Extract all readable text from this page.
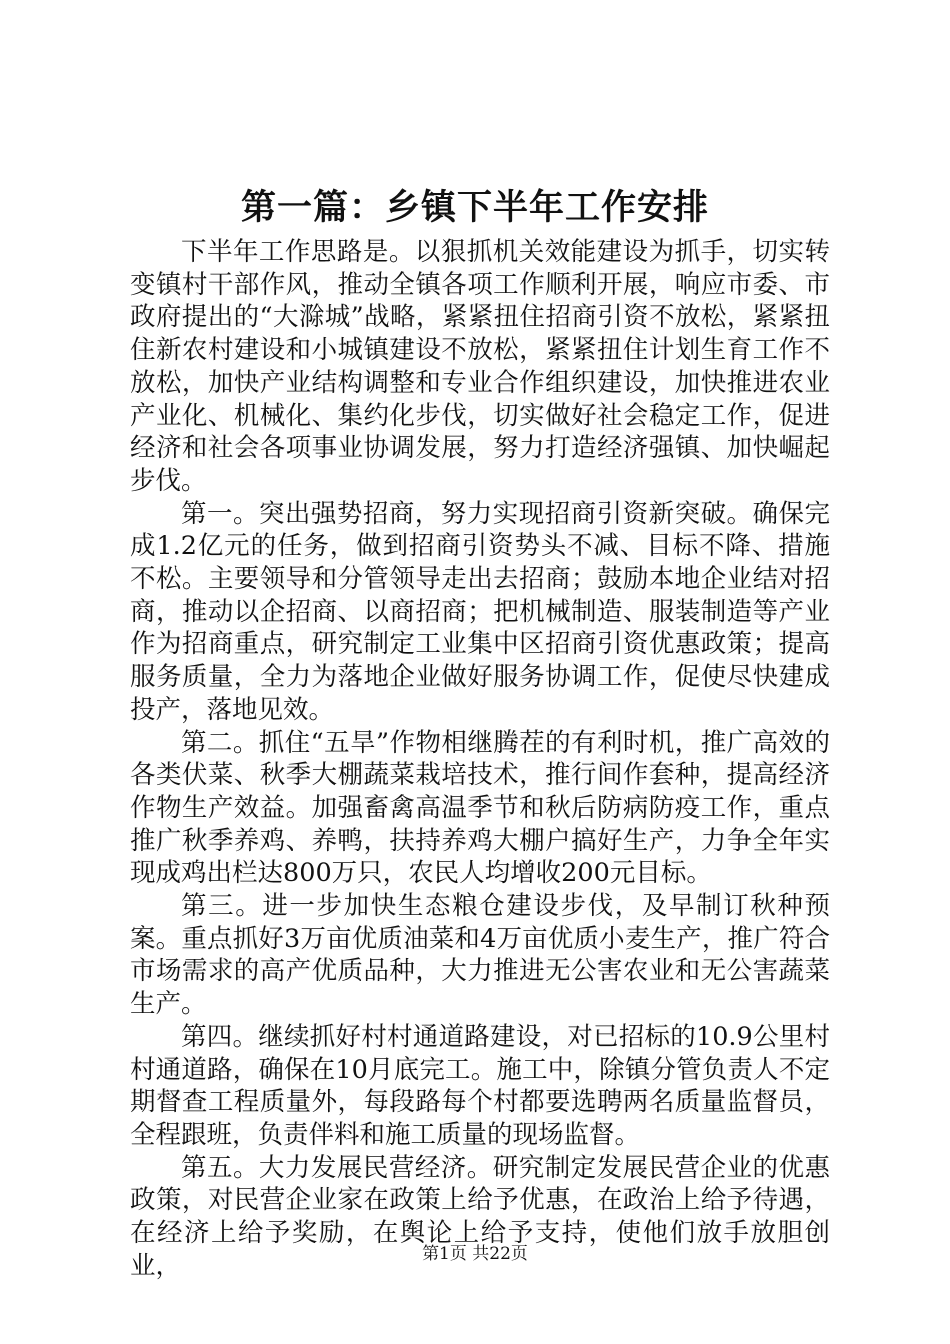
第一篇：乡镇下半年工作安排

下半年工作思路是。以狠抓机关效能建设为抓手，切实转变镇村干部作风，推动全镇各项工作顺利开展，响应市委、市政府提出的“大滁城”战略，紧紧扭住招商引资不放松，紧紧扭住新农村建设和小城镇建设不放松，紧紧扭住计划生育工作不放松，加快产业结构调整和专业合作组织建设，加快推进农业产业化、机械化、集约化步伐，切实做好社会稳定工作，促进经济和社会各项事业协调发展，努力打造经济强镇、加快崛起步伐。

第一。突出强势招商，努力实现招商引资新突破。确保完成1.2亿元的任务，做到招商引资势头不减、目标不降、措施不松。主要领导和分管领导走出去招商；鼓励本地企业结对招商，推动以企招商、以商招商；把机械制造、服装制造等产业作为招商重点，研究制定工业集中区招商引资优惠政策；提高服务质量，全力为落地企业做好服务协调工作，促使尽快建成投产，落地见效。

第二。抓住“五旱”作物相继腾茬的有利时机，推广高效的各类伏菜、秋季大棚蔬菜栽培技术，推行间作套种，提高经济作物生产效益。加强畜禽高温季节和秋后防病防疫工作，重点推广秋季养鸡、养鸭，扶持养鸡大棚户搞好生产，力争全年实现成鸡出栏达800万只，农民人均增收200元目标。

第三。进一步加快生态粮仓建设步伐，及早制订秋种预案。重点抓好3万亩优质油菜和4万亩优质小麦生产，推广符合市场需求的高产优质品种，大力推进无公害农业和无公害蔬菜生产。

第四。继续抓好村村通道路建设，对已招标的10.9公里村村通道路，确保在10月底完工。施工中，除镇分管负责人不定期督查工程质量外，每段路每个村都要选聘两名质量监督员，全程跟班，负责伴料和施工质量的现场监督。

第五。大力发展民营经济。研究制定发展民营企业的优惠政策，对民营企业家在政策上给予优惠，在政治上给予待遇，在经济上给予奖励，在舆论上给予支持，使他们放手放胆创业，	第1页 共22页
